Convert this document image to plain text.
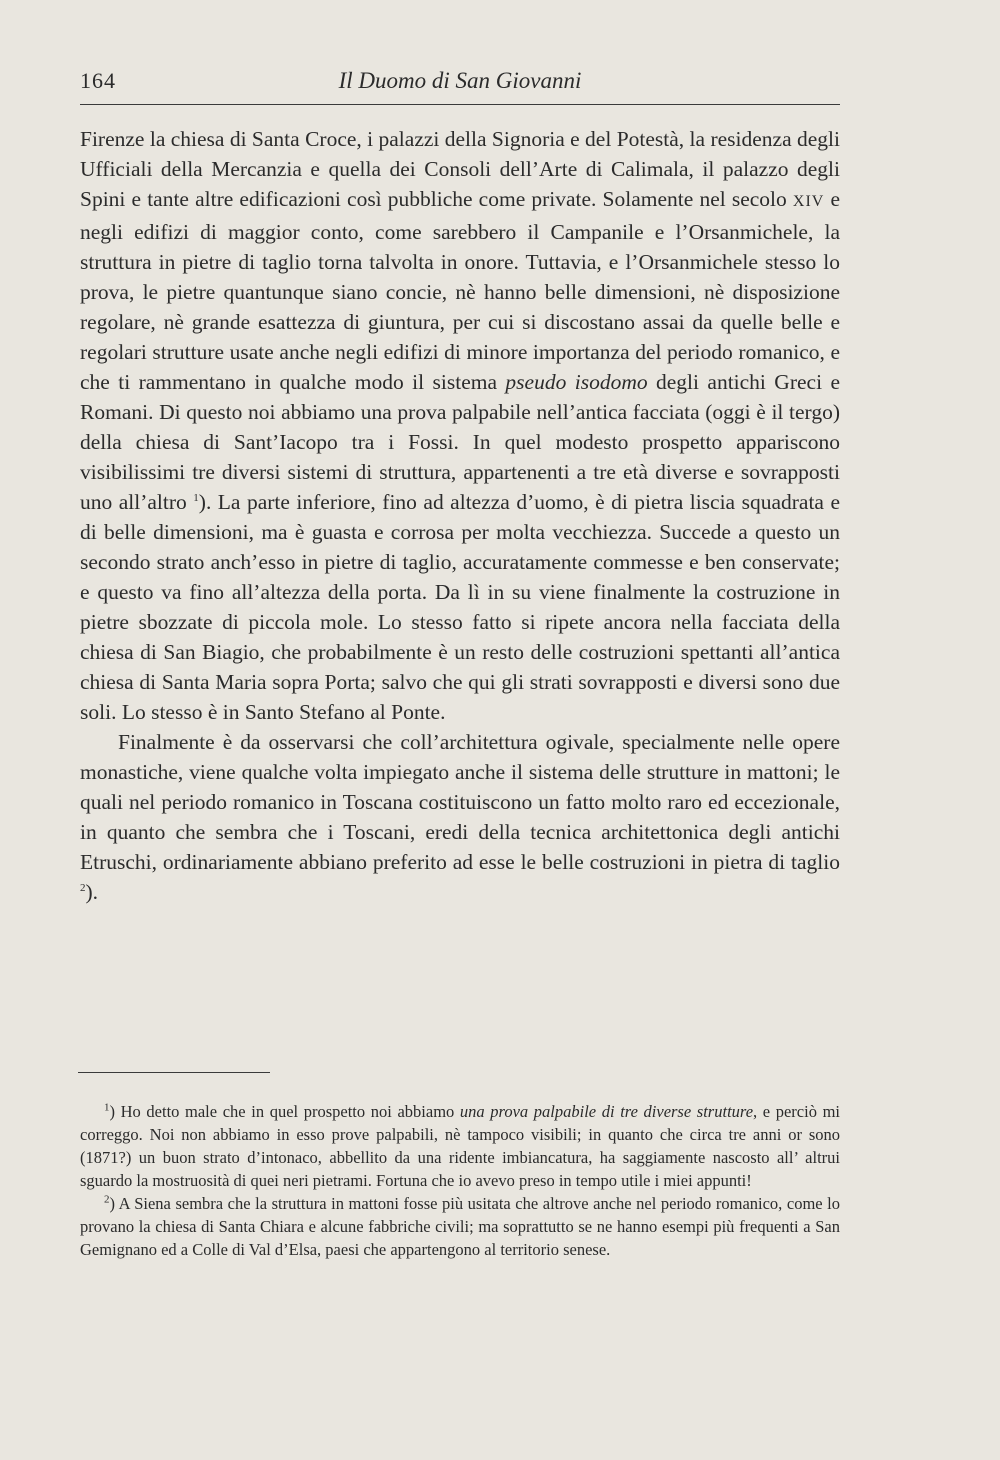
164	Il Duomo di San Giovanni

Firenze la chiesa di Santa Croce, i palazzi della Signoria e del Potestà, la residenza degli Ufficiali della Mercanzia e quella dei Consoli dell’Arte di Calimala, il palazzo degli Spini e tante altre edificazioni così pubbliche come private. Solamente nel secolo XIV e negli edifizi di maggior conto, come sarebbero il Campanile e l’Orsanmichele, la struttura in pietre di taglio torna talvolta in onore. Tuttavia, e l’Orsanmichele stesso lo prova, le pietre quantunque siano concie, nè hanno belle dimensioni, nè disposizione regolare, nè grande esattezza di giuntura, per cui si discostano assai da quelle belle e regolari strutture usate anche negli edifizi di minore importanza del periodo romanico, e che ti rammentano in qualche modo il sistema pseudo isodomo degli antichi Greci e Romani. Di questo noi abbiamo una prova palpabile nell’antica facciata (oggi è il tergo) della chiesa di Sant’Iacopo tra i Fossi. In quel modesto prospetto appariscono visibilissimi tre diversi sistemi di struttura, appartenenti a tre età diverse e sovrapposti uno all’altro $^1$). La parte inferiore, fino ad altezza d’uomo, è di pietra liscia squadrata e di belle dimensioni, ma è guasta e corrosa per molta vecchiezza. Succede a questo un secondo strato anch’esso in pietre di taglio, accuratamente commesse e ben conservate; e questo va fino all’altezza della porta. Da lì in su viene finalmente la costruzione in pietre sbozzate di piccola mole. Lo stesso fatto si ripete ancora nella facciata della chiesa di San Biagio, che probabilmente è un resto delle costruzioni spettanti all’antica chiesa di Santa Maria sopra Porta; salvo che qui gli strati sovrapposti e diversi sono due soli. Lo stesso è in Santo Stefano al Ponte.

Finalmente è da osservarsi che coll’architettura ogivale, specialmente nelle opere monastiche, viene qualche volta impiegato anche il sistema delle strutture in mattoni; le quali nel periodo romanico in Toscana costituiscono un fatto molto raro ed eccezionale, in quanto che sembra che i Toscani, eredi della tecnica architettonica degli antichi Etruschi, ordinariamente abbiano preferito ad esse le belle costruzioni in pietra di taglio $^2$).

$^1$) Ho detto male che in quel prospetto noi abbiamo una prova palpabile di tre diverse strutture, e perciò mi correggo. Noi non abbiamo in esso prove palpabili, nè tampoco visibili; in quanto che circa tre anni or sono (1871?) un buon strato d’intonaco, abbellito da una ridente imbiancatura, ha saggiamente nascosto all’ altrui sguardo la mostruosità di quei neri pietrami. Fortuna che io avevo preso in tempo utile i miei appunti!

$^2$) A Siena sembra che la struttura in mattoni fosse più usitata che altrove anche nel periodo romanico, come lo provano la chiesa di Santa Chiara e alcune fabbriche civili; ma soprattutto se ne hanno esempi più frequenti a San Gemignano ed a Colle di Val d’Elsa, paesi che appartengono al territorio senese.
